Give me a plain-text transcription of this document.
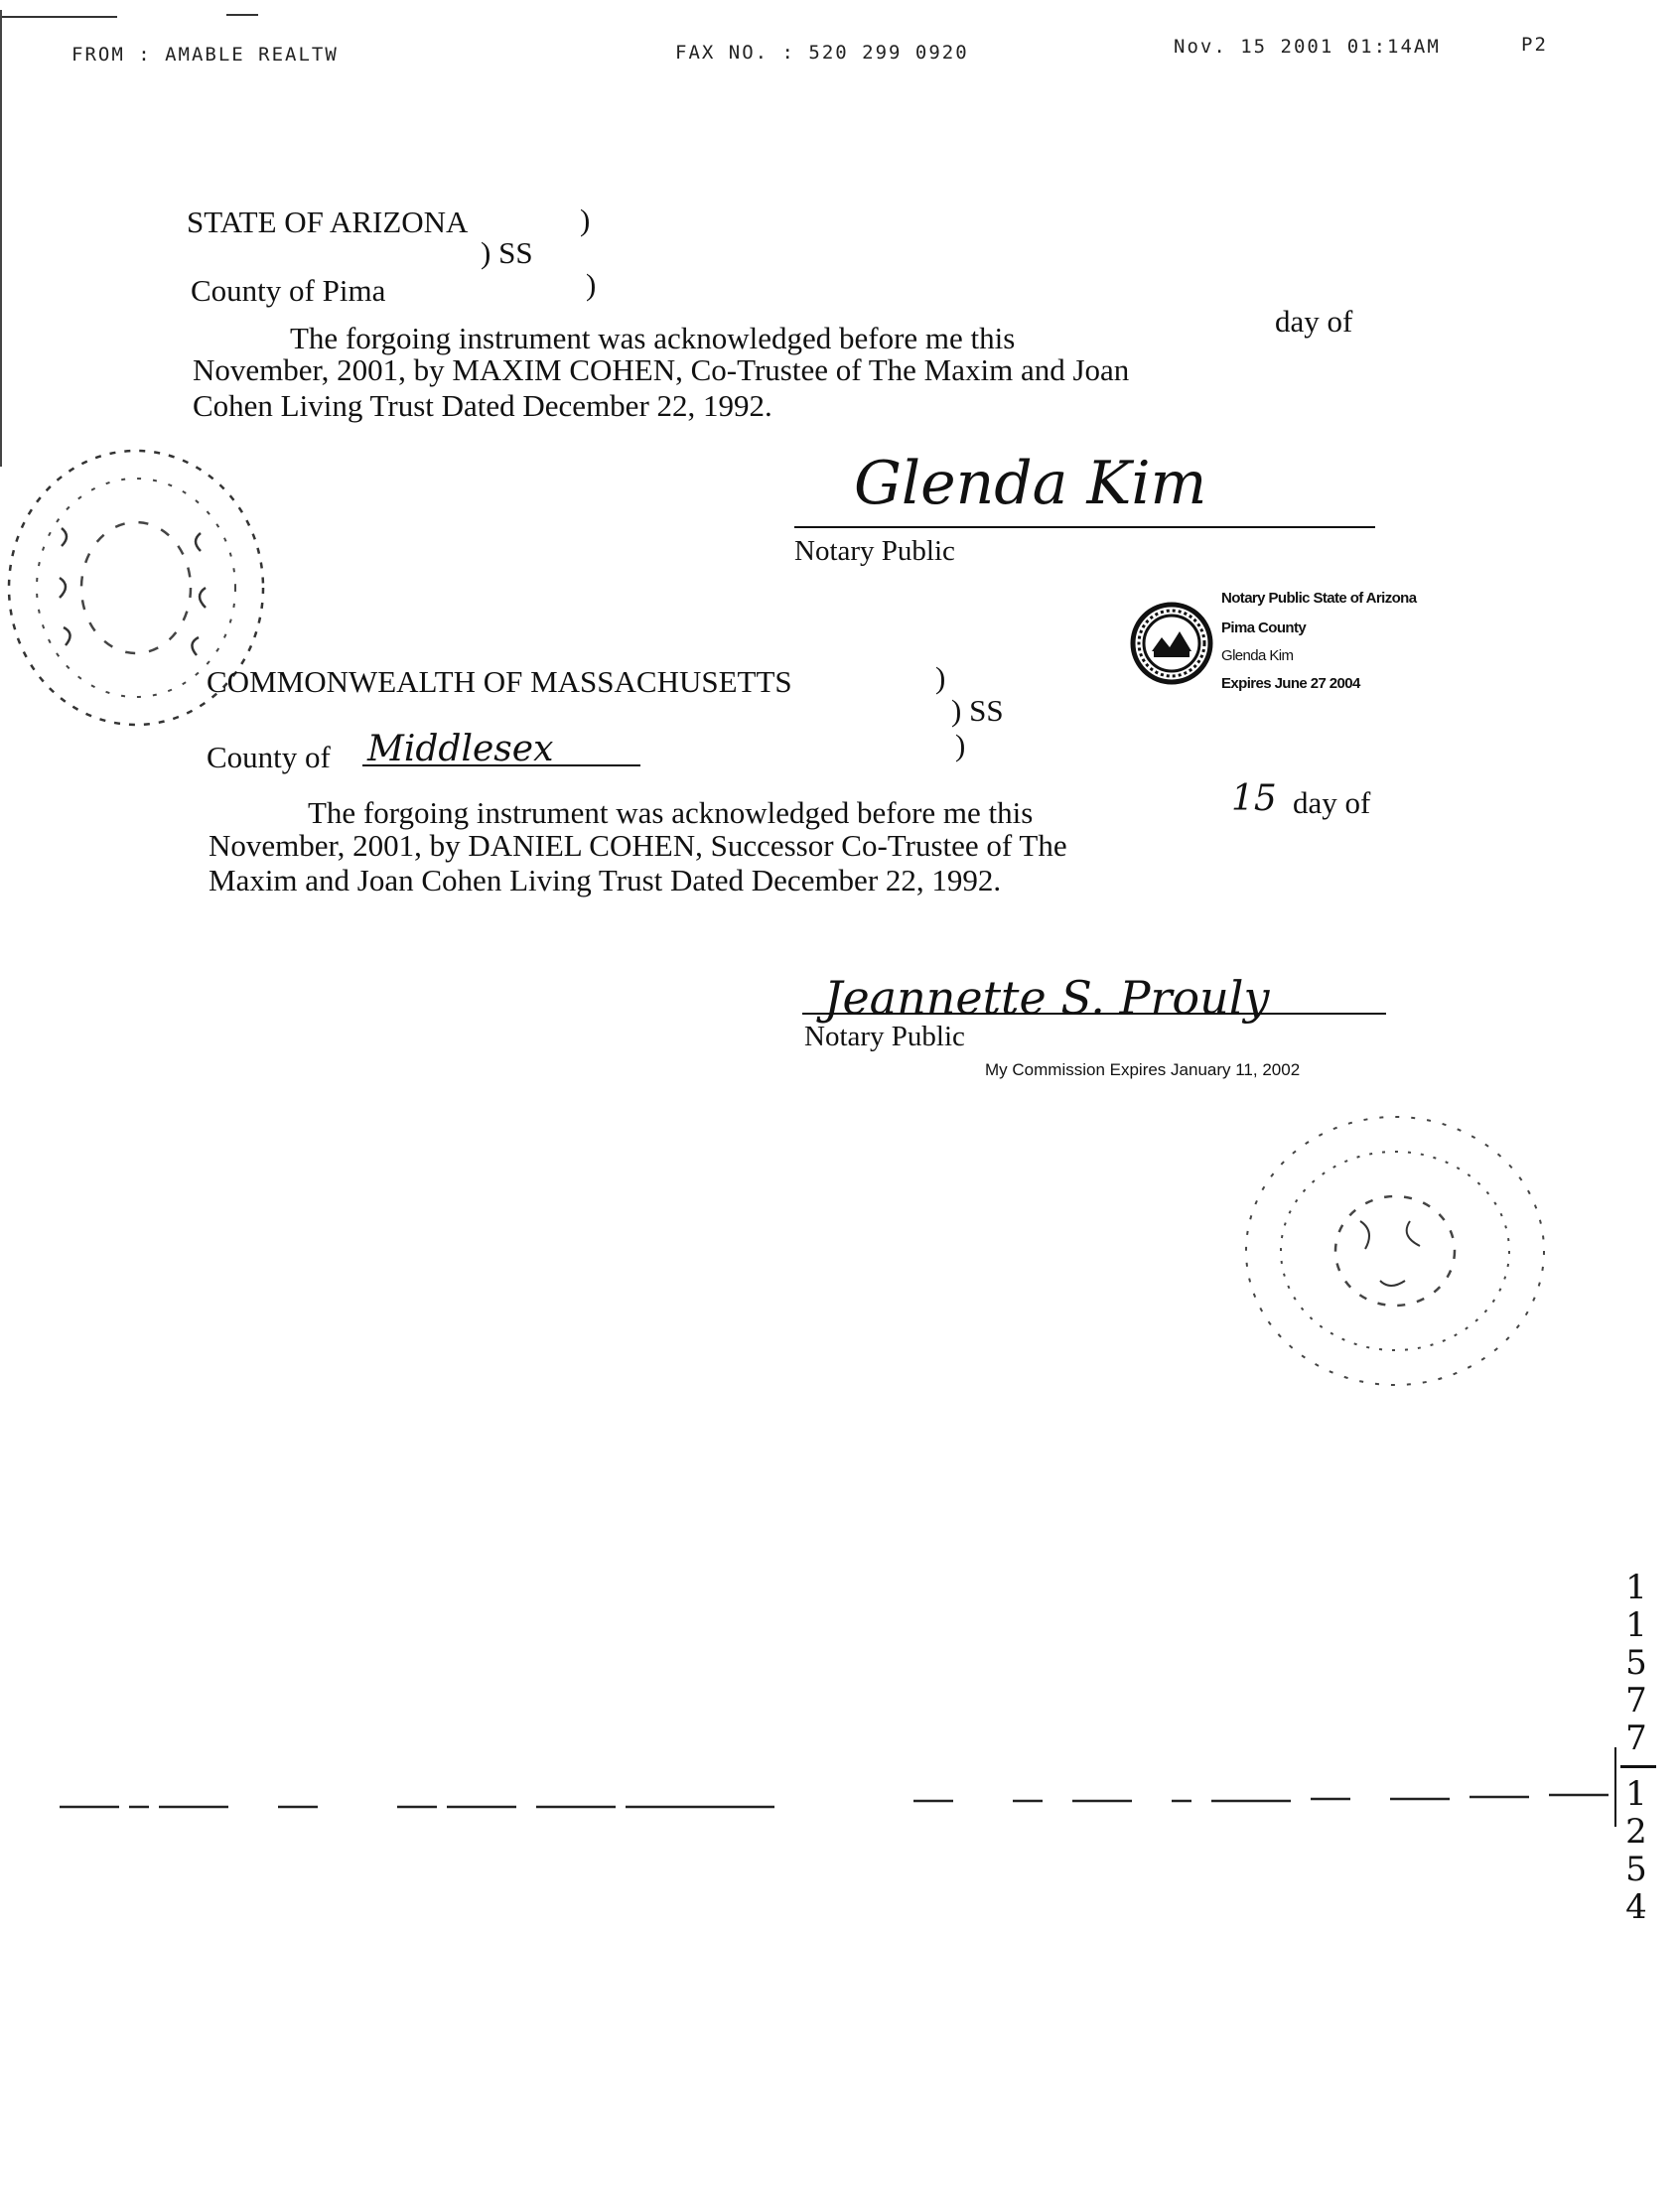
FROM : AMABLE REALTW	FAX NO. : 520 299 0920	Nov. 15 2001 01:14AM	P2
STATE OF ARIZONA	)
) SS
County of Pima	)
The forgoing instrument was acknowledged before me this	day of
November, 2001, by MAXIM COHEN, Co-Trustee of The Maxim and Joan
Cohen Living Trust Dated December 22, 1992.
Glenda Kim
Notary Public
Notary Public State of Arizona
Pima County
Glenda Kim
Expires June 27 2004
COMMONWEALTH OF MASSACHUSETTS	)
) SS
)
County of Middlesex
The forgoing instrument was acknowledged before me this	15 day of
November, 2001, by DANIEL COHEN, Successor Co-Trustee of The
Maxim and Joan Cohen Living Trust Dated December 22, 1992.
Jeannette S. Prouly
Notary Public
My Commission Expires January 11, 2002
1
1
5
7
7
1
2
5
4
